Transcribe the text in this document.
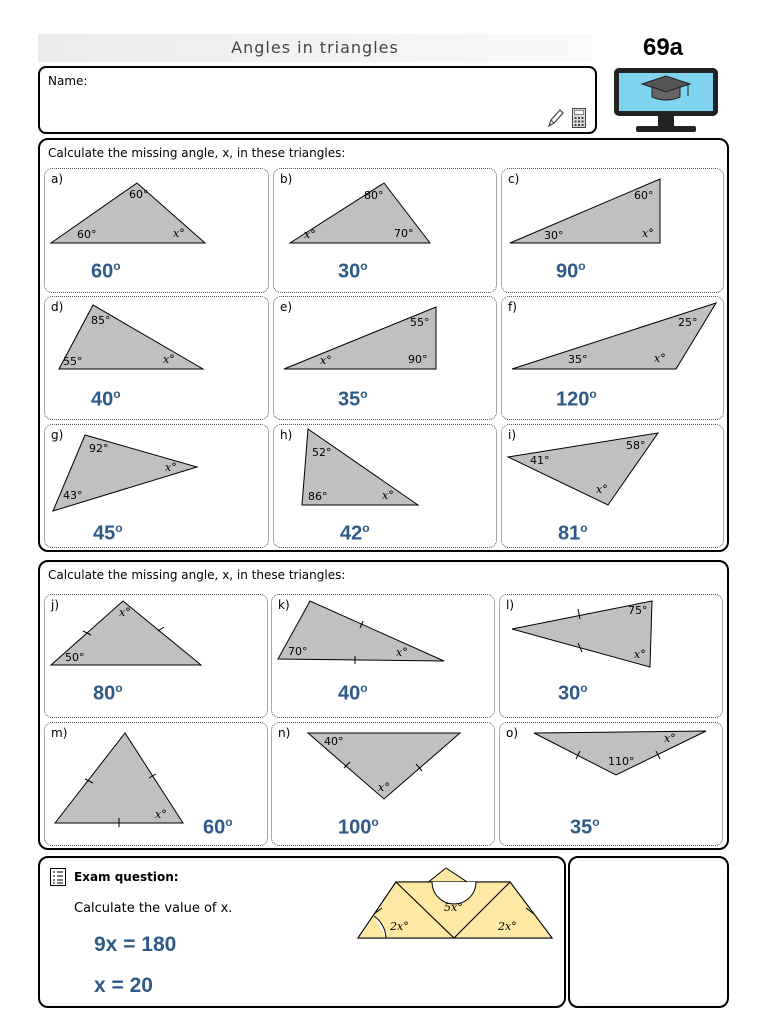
Angles in triangles	69a
Name:
Calculate the missing angle, x, in these triangles:
a)
60°
60°	x°
60$^o$
b)
80°
x°	70°
30$^o$
c)
60°
30°	x°
90$^o$
d)
85°
55°	x°
40$^o$
e)
55°
x°	90°
35$^o$
f)
25°
35°	x°
120$^o$
g)
92°
x°
43°
45$^o$
h)
52°
86°	x°
42$^o$
i)
41°
58°
x°
81$^o$
Calculate the missing angle, x, in these triangles:
j)
x°
50°
80$^o$
k)
70°	x°
40$^o$
l)	75°
x°
30$^o$
m)
x°
60$^o$
n)
40°
x°
100$^o$
o)	x°
110°
35$^o$
Exam question:
Calculate the value of x.
9x = 180
x = 20
5x°
2x°	2x°
